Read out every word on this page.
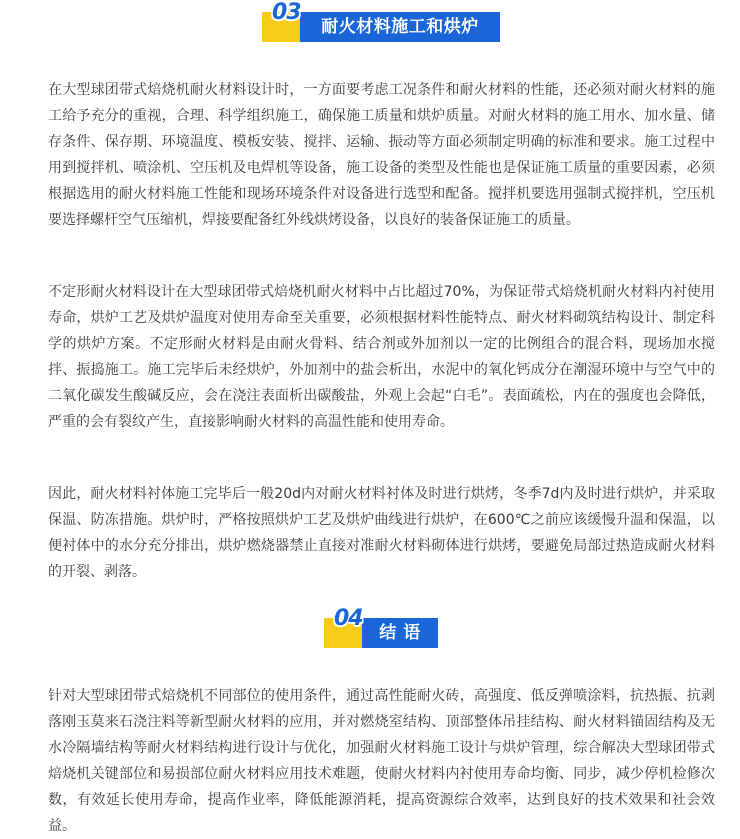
耐火材料施工和烘炉
03

在大型球团带式焙烧机耐火材料设计时，一方面要考虑工况条件和耐火材料的性能，还必须对耐火材料的施工给予充分的重视，合理、科学组织施工，确保施工质量和烘炉质量。对耐火材料的施工用水、加水量、储存条件、保存期、环境温度、模板安装、搅拌、运输、振动等方面必须制定明确的标准和要求。施工过程中用到搅拌机、喷涂机、空压机及电焊机等设备，施工设备的类型及性能也是保证施工质量的重要因素，必须根据选用的耐火材料施工性能和现场环境条件对设备进行选型和配备。搅拌机要选用强制式搅拌机，空压机要选择螺杆空气压缩机，焊接要配备红外线烘烤设备，以良好的装备保证施工的质量。

不定形耐火材料设计在大型球团带式焙烧机耐火材料中占比超过70%，为保证带式焙烧机耐火材料内衬使用寿命，烘炉工艺及烘炉温度对使用寿命至关重要，必须根据材料性能特点、耐火材料砌筑结构设计、制定科学的烘炉方案。不定形耐火材料是由耐火骨料、结合剂或外加剂以一定的比例组合的混合料，现场加水搅拌、振捣施工。施工完毕后未经烘炉，外加剂中的盐会析出，水泥中的氧化钙成分在潮湿环境中与空气中的二氧化碳发生酸碱反应，会在浇注表面析出碳酸盐，外观上会起“白毛”。表面疏松，内在的强度也会降低，严重的会有裂纹产生，直接影响耐火材料的高温性能和使用寿命。

因此，耐火材料衬体施工完毕后一般20d内对耐火材料衬体及时进行烘烤，冬季7d内及时进行烘炉，并采取保温、防冻措施。烘炉时，严格按照烘炉工艺及烘炉曲线进行烘炉，在600℃之前应该缓慢升温和保温，以便衬体中的水分充分排出，烘炉燃烧器禁止直接对准耐火材料砌体进行烘烤，要避免局部过热造成耐火材料的开裂、剥落。

结 语
04

针对大型球团带式焙烧机不同部位的使用条件，通过高性能耐火砖，高强度、低反弹喷涂料，抗热振、抗剥落刚玉莫来石浇注料等新型耐火材料的应用，并对燃烧室结构、顶部整体吊挂结构、耐火材料锚固结构及无水冷隔墙结构等耐火材料结构进行设计与优化，加强耐火材料施工设计与烘炉管理，综合解决大型球团带式焙烧机关键部位和易损部位耐火材料应用技术难题，使耐火材料内衬使用寿命均衡、同步，减少停机检修次数，有效延长使用寿命，提高作业率，降低能源消耗，提高资源综合效率，达到良好的技术效果和社会效益。
